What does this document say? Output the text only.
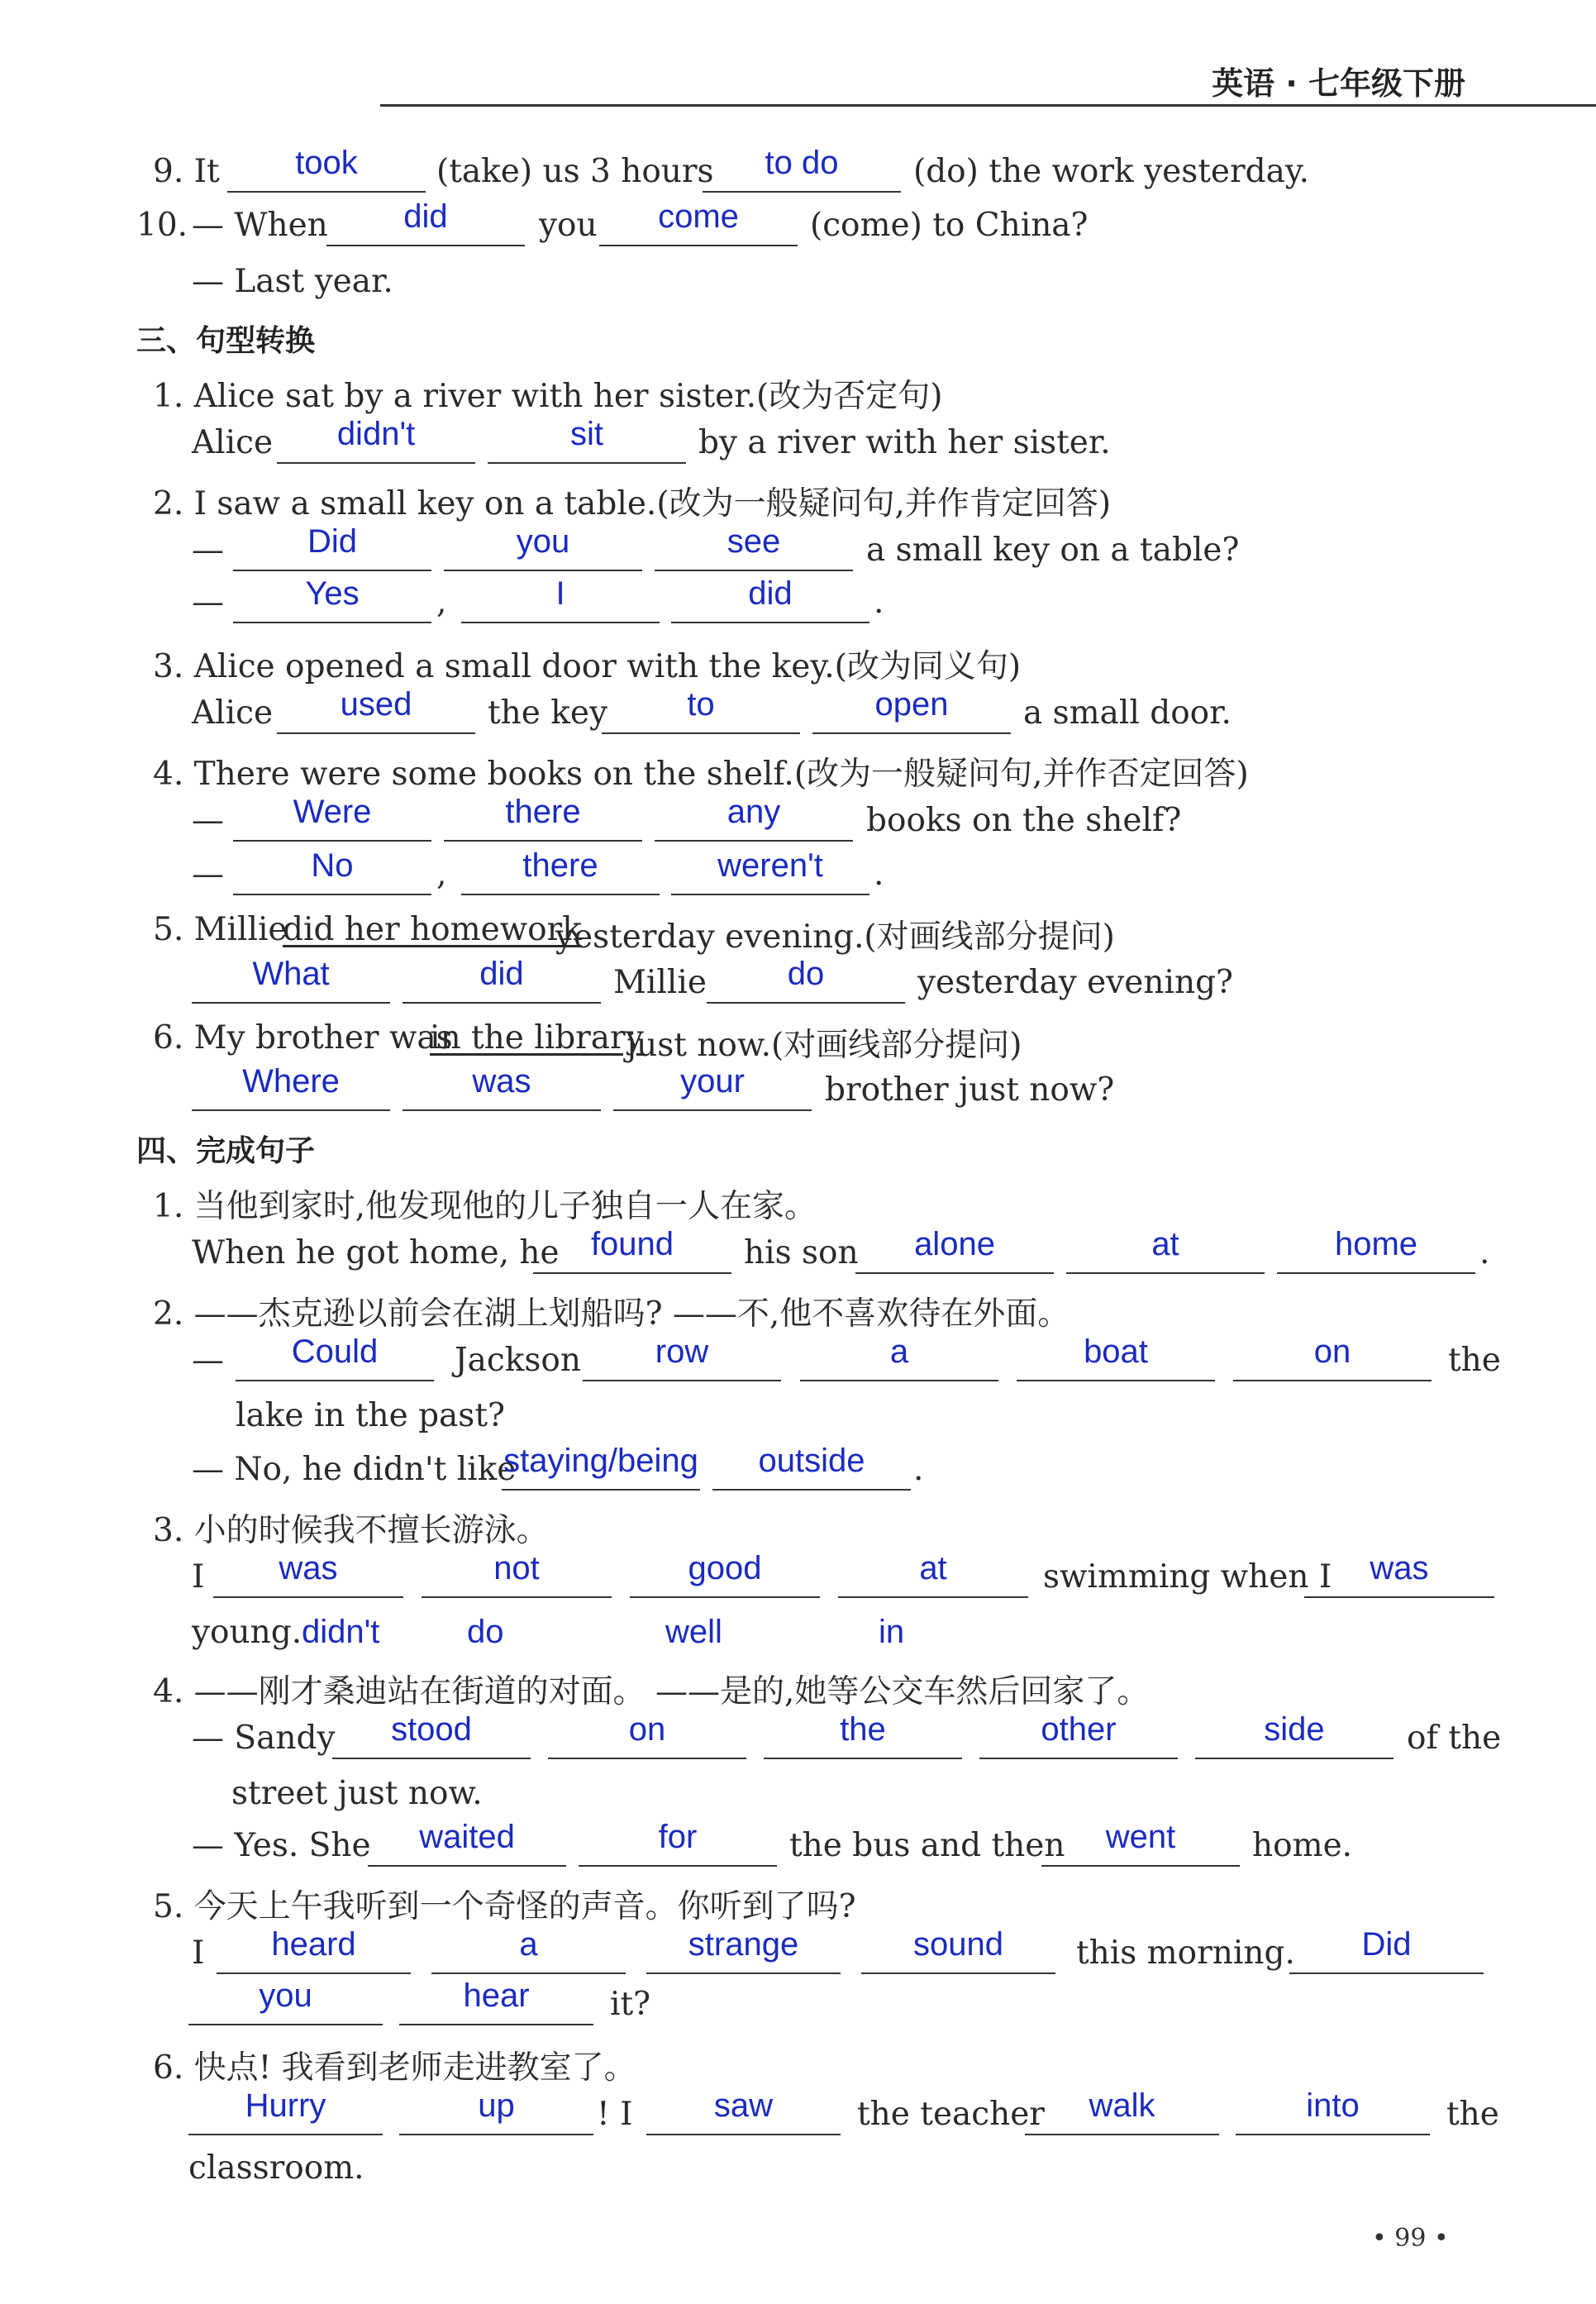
英语 · 七年级下册
9. It	took	(take) us 3 hours	to do	(do) the work yesterday.
10. — When	did	you	come	(come) to China?
— Last year.
三、句型转换
1. Alice sat by a river with her sister.(改为否定句)
Alice	didn't	sit	by a river with her sister.
2. I saw a small key on a table.(改为一般疑问句,并作肯定回答)
—	Did	you	see	a small key on a table?
—	Yes	,	I	did	.
3. Alice opened a small door with the key.(改为同义句)
Alice	used	the key	to	open	a small door.
4. There were some books on the shelf.(改为一般疑问句,并作否定回答)
—	Were	there	any	books on the shelf?
—	No	,	there	weren't	.
5. Millie
did her homework
yesterday evening.(对画线部分提问)
What	did	Millie	do	yesterday evening?
6. My brother was
in the library
just now.(对画线部分提问)
Where	was	your	brother just now?
四、完成句子
1. 当他到家时,他发现他的儿子独自一人在家。
When he got home, he found	his son	alone	at	home	.
2. ——杰克逊以前会在湖上划船吗? ——不,他不喜欢待在外面。
—	Could	Jackson	row	a	boat	on	the
lake in the past?
— No, he didn't like
staying/being	outside	.
3. 小的时候我不擅长游泳。
I	was	not	good	at	swimming when I	was
young. didn't	do	well	in
4. ——刚才桑迪站在街道的对面。 ——是的,她等公交车然后回家了。
— Sandy	stood	on	the	other	side	of the
street just now.
— Yes. She	waited	for	the bus and then	went	home.
5. 今天上午我听到一个奇怪的声音。你听到了吗?
I	heard	a	strange	sound	this morning.	Did
you	hear	it?
6. 快点! 我看到老师走进教室了。
Hurry	up	! I	saw	the teacher	walk	into	the
classroom.
• 99 •
